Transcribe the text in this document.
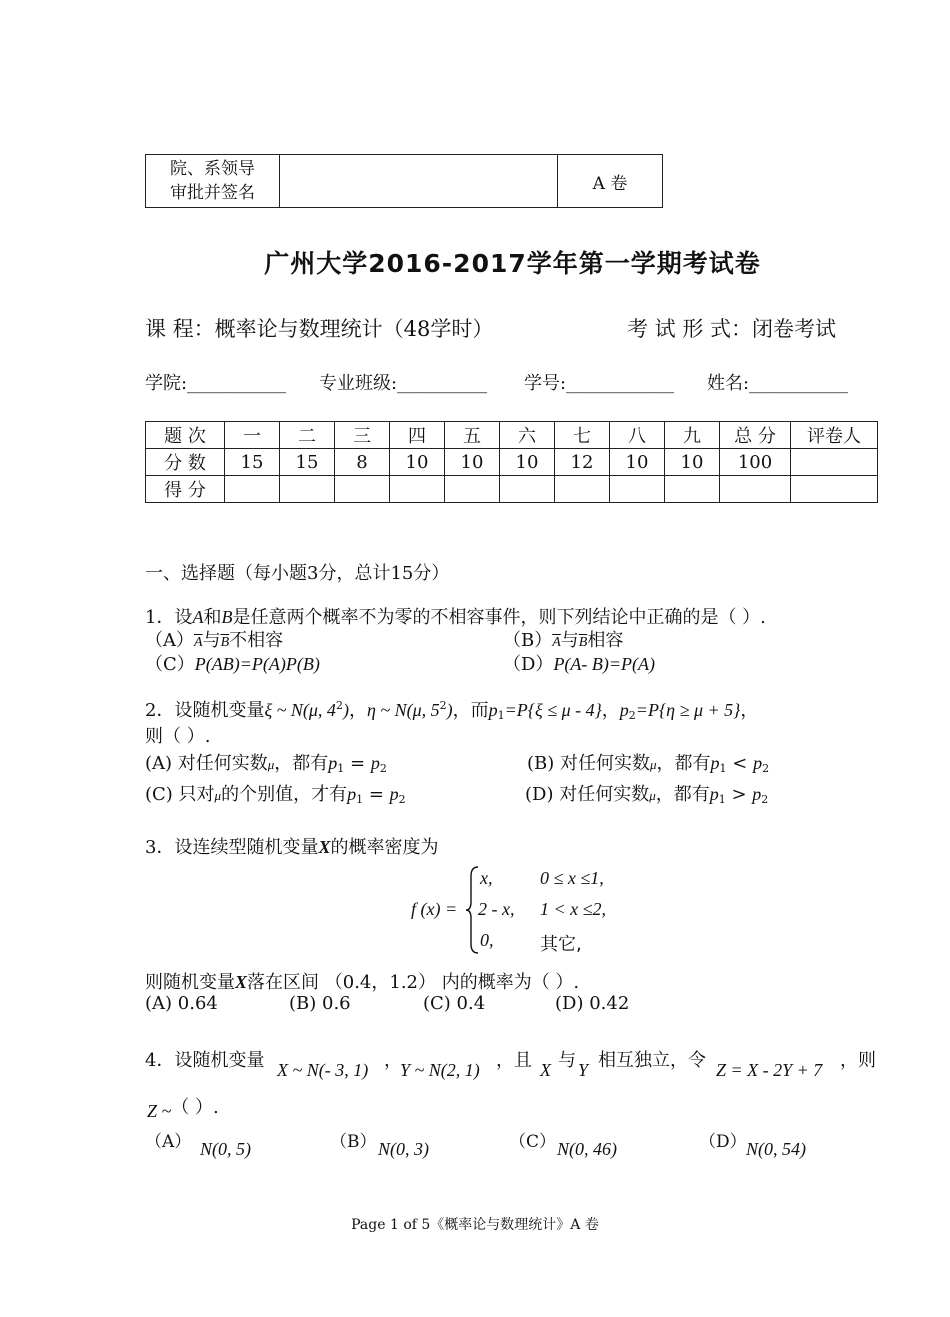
院、系领导
审批并签名		A 卷
广州大学2016-2017学年第一学期考试卷
课 程：概率论与数理统计（48学时）	考 试 形 式：闭卷考试
学院:___________ 专业班级:__________ 学号:____________ 姓名:___________
题 次	一	二	三	四	五	六	七	八	九	总 分	评卷人
分 数	15	15	8	10	10	10	12	10	10	100	
得 分											
一、选择题（每小题3分，总计15分）
1．设A和B是任意两个概率不为零的不相容事件，则下列结论中正确的是（ ）.
$(A)\overline{A}$与$\overline{B}$不相容	$(B)\overline{A}$与$\overline{B}$相容
（C）P(AB)=P(A)P(B)	（D）P(A- B)=P(A)
2．设随机变量ξ ~ N(μ, $4^2$)，η ~ N(μ, $5^2$)，而$p_1=P\{\xi \le \mu - 4\}$，$p_2=P\{\eta \ge \mu + 5\}$，
则（ ）.
(A) 对任何实数μ，都有$p_1 = p_2$	(B) 对任何实数μ，都有$p_1 < p_2$
(C) 只对μ的个别值，才有$p_1 = p_2$	(D) 对任何实数μ，都有$p_1 > p_2$
3．设连续型随机变量X的概率密度为
f (x) =
x,	0 ≤ x ≤1,
2 - x, 1 < x ≤2,
0,	其它,
则随机变量X落在区间 （0.4，1.2） 内的概率为（ ）.
(A) 0.64	(B) 0.6	(C) 0.4	(D) 0.42
4．设随机变量 X ~ N(- 3, 1) ，
Y ~ N(2, 1) ，且 X 与 Y 相互独立，令 Z = X - 2Y + 7 ，则
Z ~（ ）.
（A） N(0, 5)	（B） N(0, 3)	（C） N(0, 46)	（D） N(0, 54)
Page 1 of 5《概率论与数理统计》A 卷
